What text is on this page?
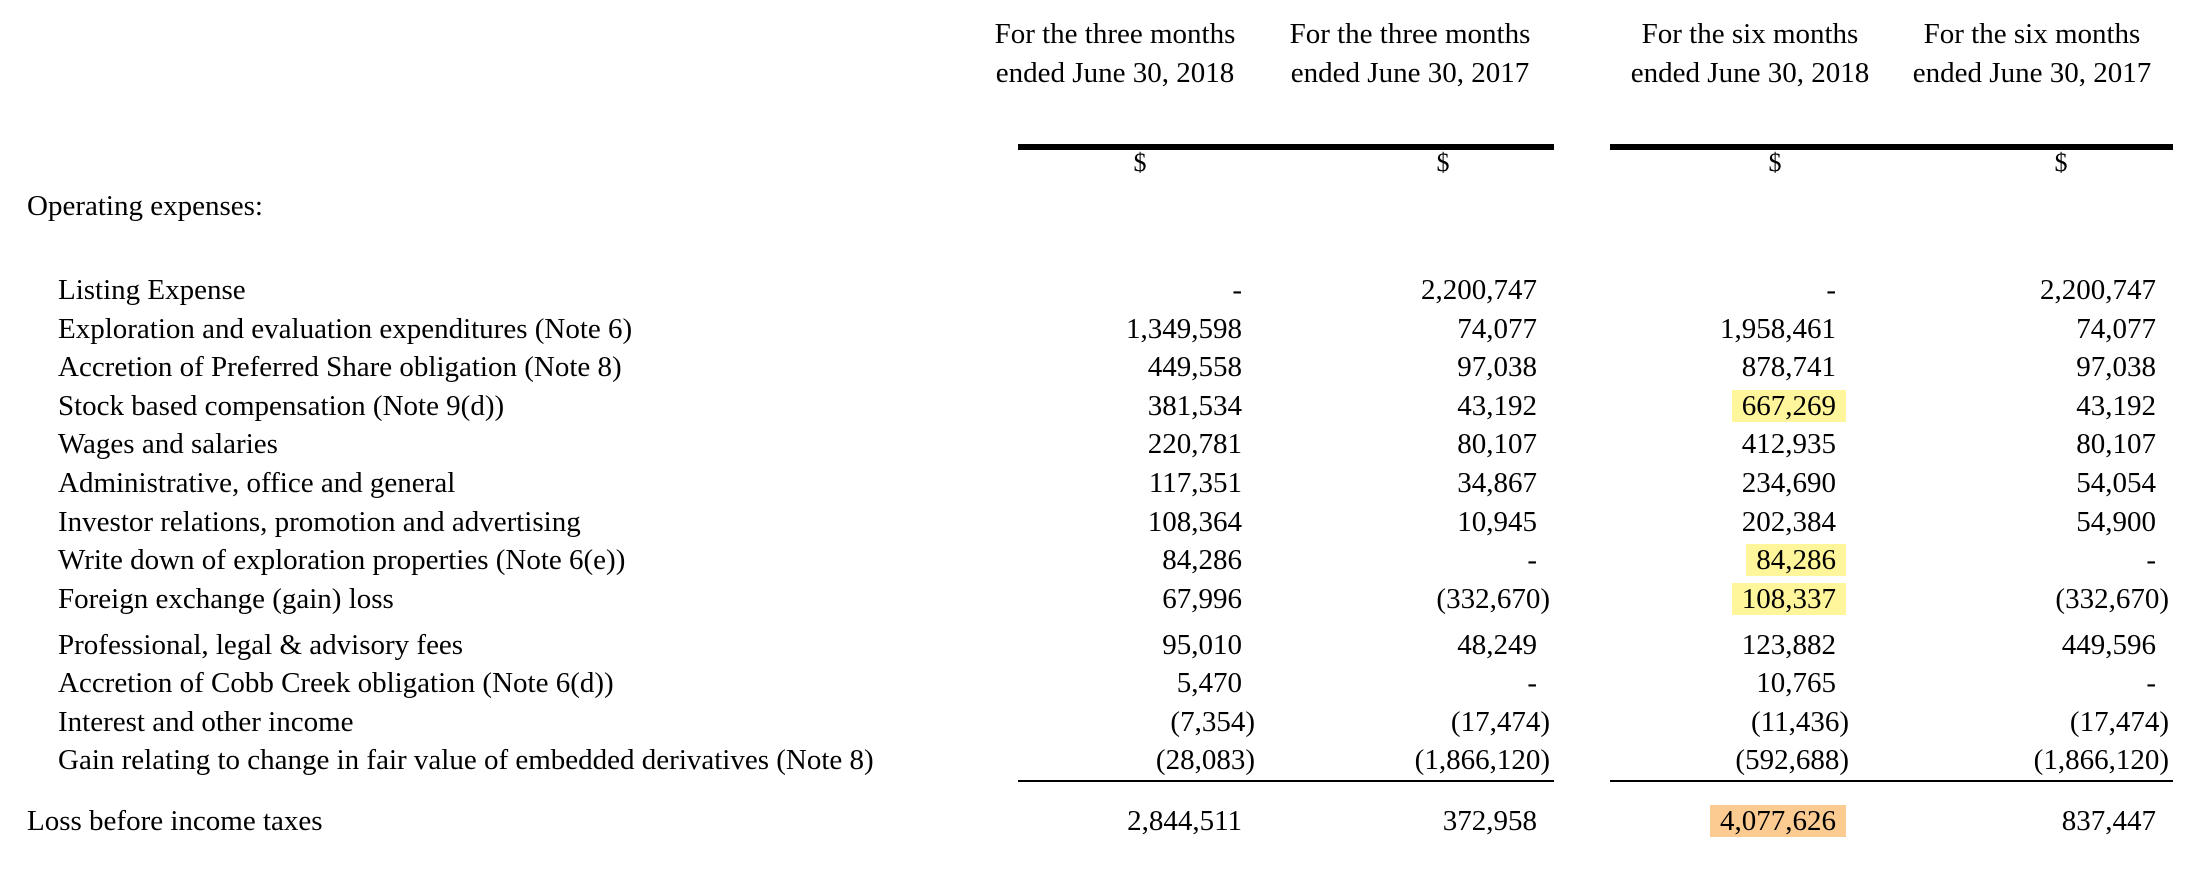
For the three months
ended June 30, 2018
For the three months
ended June 30, 2017
For the six months
ended June 30, 2018
For the six months
ended June 30, 2017
$	$	$	$
Operating expenses:
Listing Expense	-	2,200,747	-	2,200,747
Exploration and evaluation expenditures (Note 6)	1,349,598	74,077	1,958,461	74,077
Accretion of Preferred Share obligation (Note 8)	449,558	97,038	878,741	97,038
Stock based compensation (Note 9(d))	381,534	43,192	667,269	43,192
Wages and salaries	220,781	80,107	412,935	80,107
Administrative, office and general	117,351	34,867	234,690	54,054
Investor relations, promotion and advertising	108,364	10,945	202,384	54,900
Write down of exploration properties (Note 6(e))	84,286	-	84,286	-
Foreign exchange (gain) loss	67,996	(332,670)	108,337	(332,670)
Professional, legal & advisory fees	95,010	48,249	123,882	449,596
Accretion of Cobb Creek obligation (Note 6(d))	5,470	-	10,765	-
Interest and other income	(7,354)	(17,474)	(11,436)	(17,474)
Gain relating to change in fair value of embedded derivatives (Note 8)	(28,083)	(1,866,120)	(592,688)	(1,866,120)
Loss before income taxes	2,844,511	372,958	4,077,626	837,447
